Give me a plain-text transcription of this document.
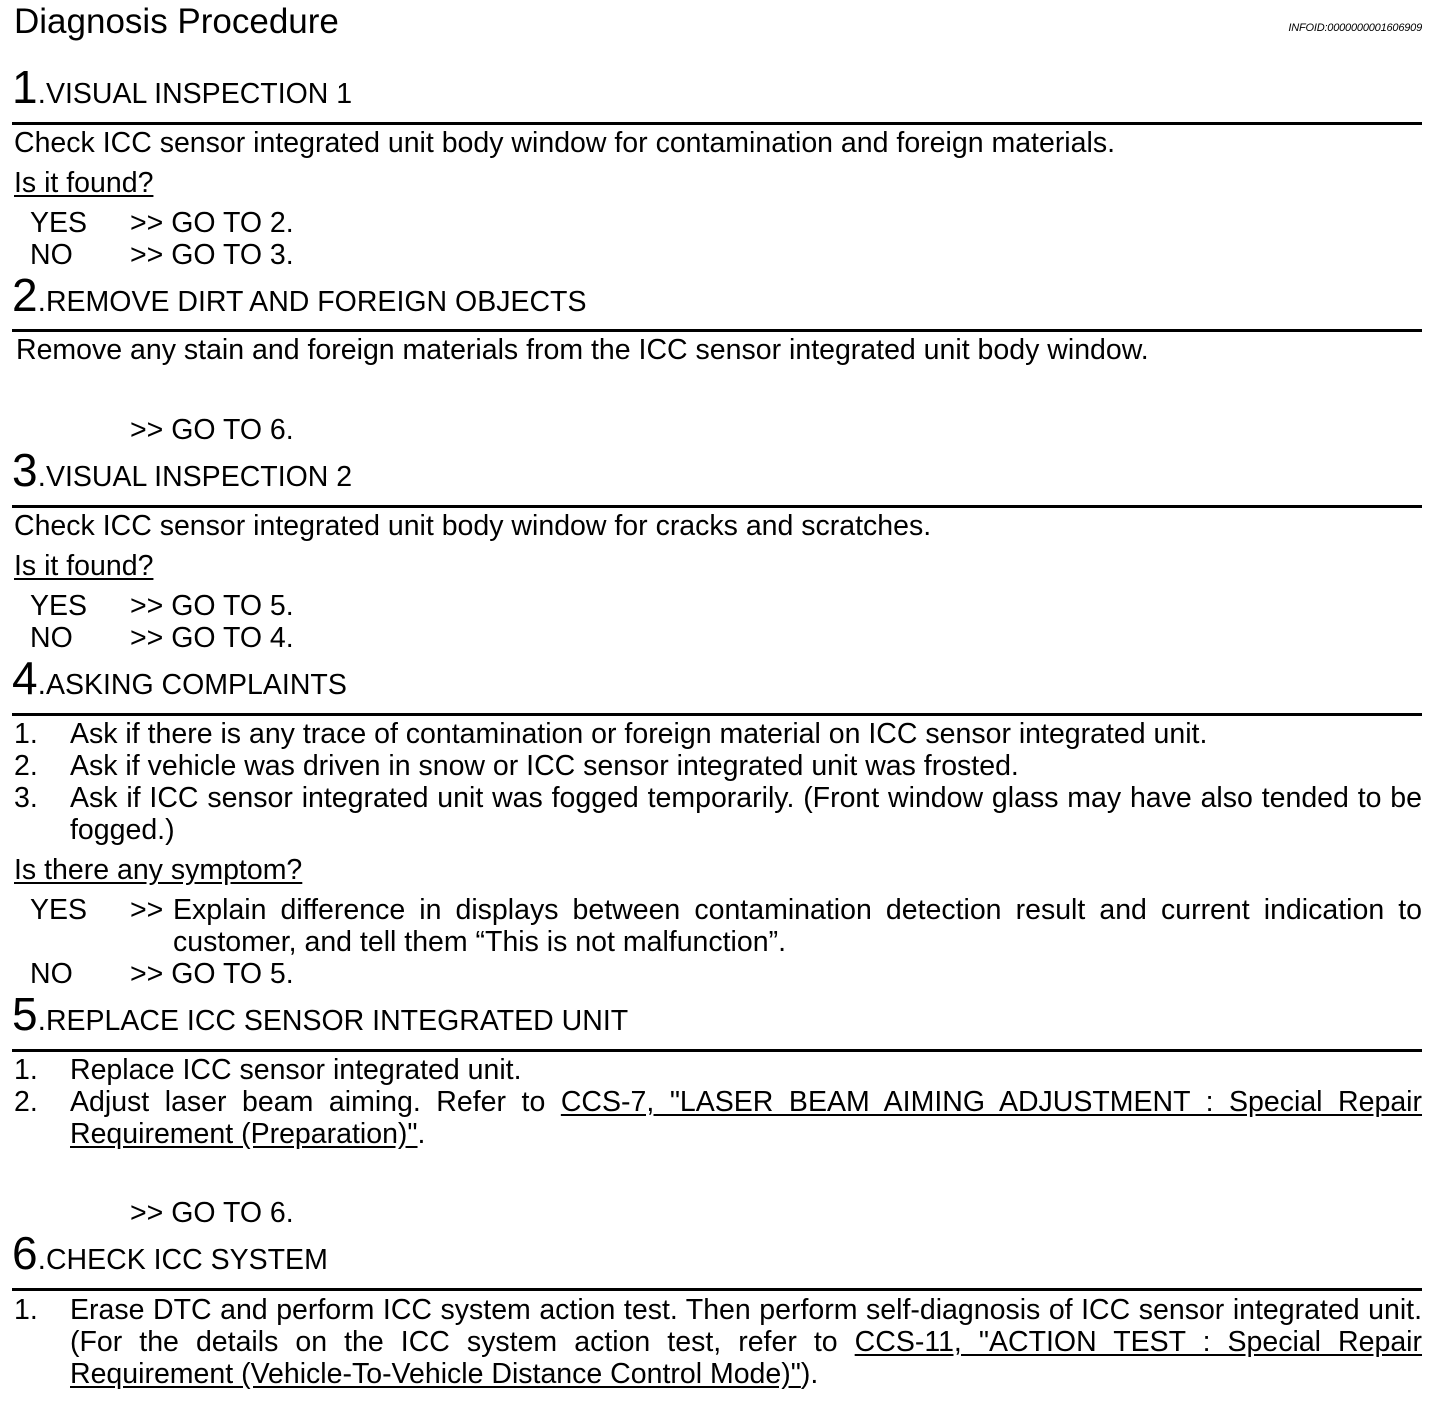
Diagnosis Procedure	INFOID:0000000001606909
1.VISUAL INSPECTION 1
Check ICC sensor integrated unit body window for contamination and foreign materials.
Is it found?
YES >> GO TO 2.
NO >> GO TO 3.
2.REMOVE DIRT AND FOREIGN OBJECTS
Remove any stain and foreign materials from the ICC sensor integrated unit body window.
>> GO TO 6.
3.VISUAL INSPECTION 2
Check ICC sensor integrated unit body window for cracks and scratches.
Is it found?
YES >> GO TO 5.
NO >> GO TO 4.
4.ASKING COMPLAINTS
1. Ask if there is any trace of contamination or foreign material on ICC sensor integrated unit.
2. Ask if vehicle was driven in snow or ICC sensor integrated unit was frosted.
3. Ask if ICC sensor integrated unit was fogged temporarily. (Front window glass may have also tended to be fogged.)
Is there any symptom?
YES >> Explain difference in displays between contamination detection result and current indication to customer, and tell them “This is not malfunction”.
NO >> GO TO 5.
5.REPLACE ICC SENSOR INTEGRATED UNIT
1. Replace ICC sensor integrated unit.
2. Adjust laser beam aiming. Refer to CCS-7, "LASER BEAM AIMING ADJUSTMENT : Special Repair Requirement (Preparation)".
>> GO TO 6.
6.CHECK ICC SYSTEM
1. Erase DTC and perform ICC system action test. Then perform self-diagnosis of ICC sensor integrated unit. (For the details on the ICC system action test, refer to CCS-11, "ACTION TEST : Special Repair Requirement (Vehicle-To-Vehicle Distance Control Mode)").
